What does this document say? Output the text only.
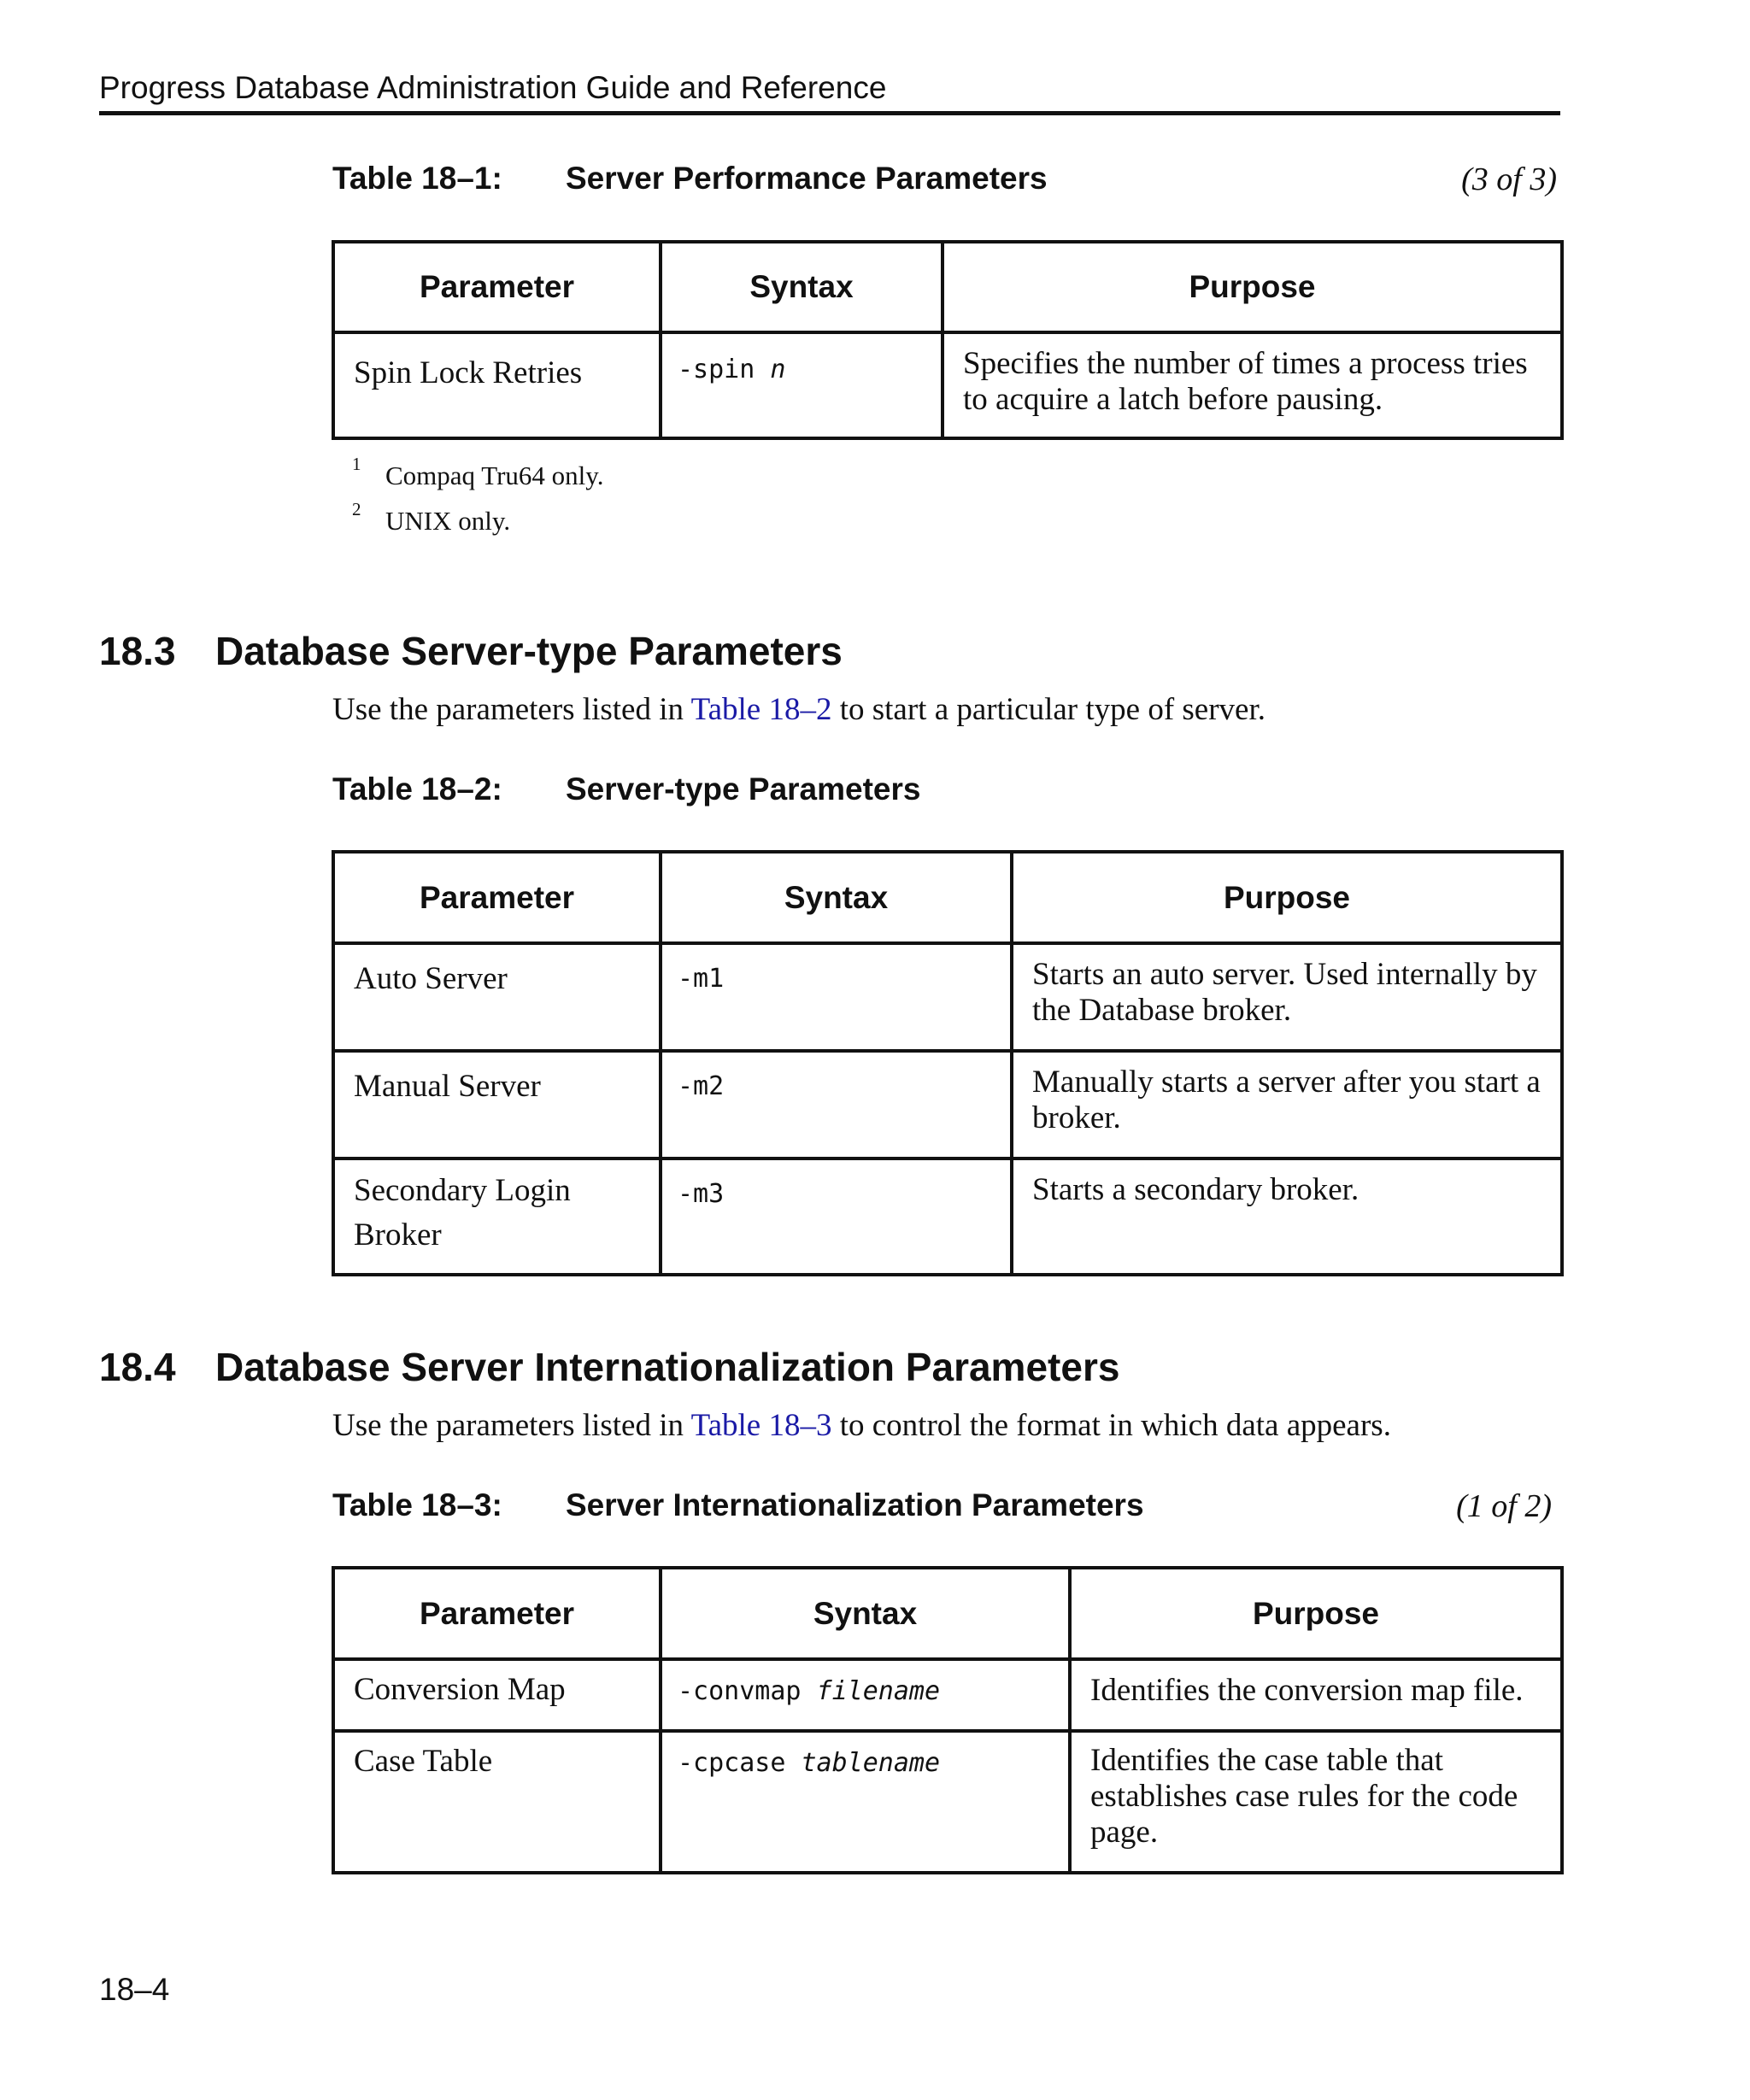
Progress Database Administration Guide and Reference
Table 18–1: Server Performance Parameters	(3 of 3)
Parameter	Syntax	Purpose
Spin Lock Retries	-spin n	Specifies the number of times a process tries to acquire a latch before pausing.
1 Compaq Tru64 only.
2 UNIX only.
18.3 Database Server-type Parameters
Use the parameters listed in Table 18–2 to start a particular type of server.
Table 18–2: Server-type Parameters
Parameter	Syntax	Purpose
Auto Server	-m1	Starts an auto server. Used internally by the Database broker.
Manual Server	-m2	Manually starts a server after you start a broker.
Secondary Login Broker	-m3	Starts a secondary broker.
18.4 Database Server Internationalization Parameters
Use the parameters listed in Table 18–3 to control the format in which data appears.
Table 18–3: Server Internationalization Parameters	(1 of 2)
Parameter	Syntax	Purpose
Conversion Map	-convmap filename	Identifies the conversion map file.
Case Table	-cpcase tablename	Identifies the case table that establishes case rules for the code page.
18–4
